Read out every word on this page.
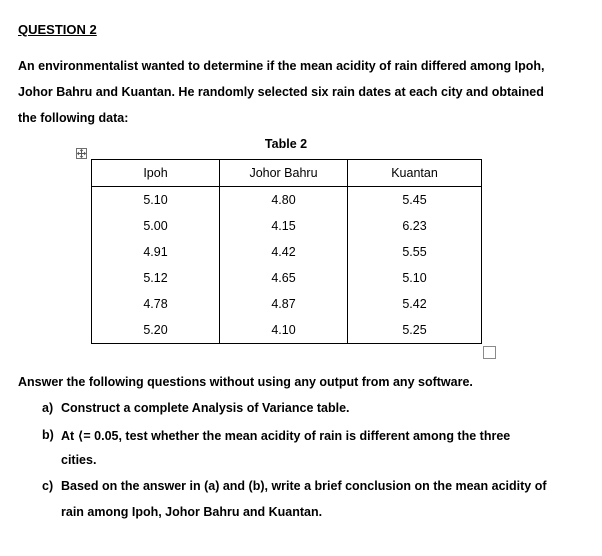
QUESTION 2
An environmentalist wanted to determine if the mean acidity of rain differed among Ipoh,
Johor Bahru and Kuantan. He randomly selected six rain dates at each city and obtained
the following data:
Table 2
Ipoh	Johor Bahru	Kuantan
5.10	4.80	5.45
5.00	4.15	6.23
4.91	4.42	5.55
5.12	4.65	5.10
4.78	4.87	5.42
5.20	4.10	5.25
Answer the following questions without using any output from any software.
a) Construct a complete Analysis of Variance table.
b) At ⟨= 0.05, test whether the mean acidity of rain is different among the three
cities.
c) Based on the answer in (a) and (b), write a brief conclusion on the mean acidity of
rain among Ipoh, Johor Bahru and Kuantan.
